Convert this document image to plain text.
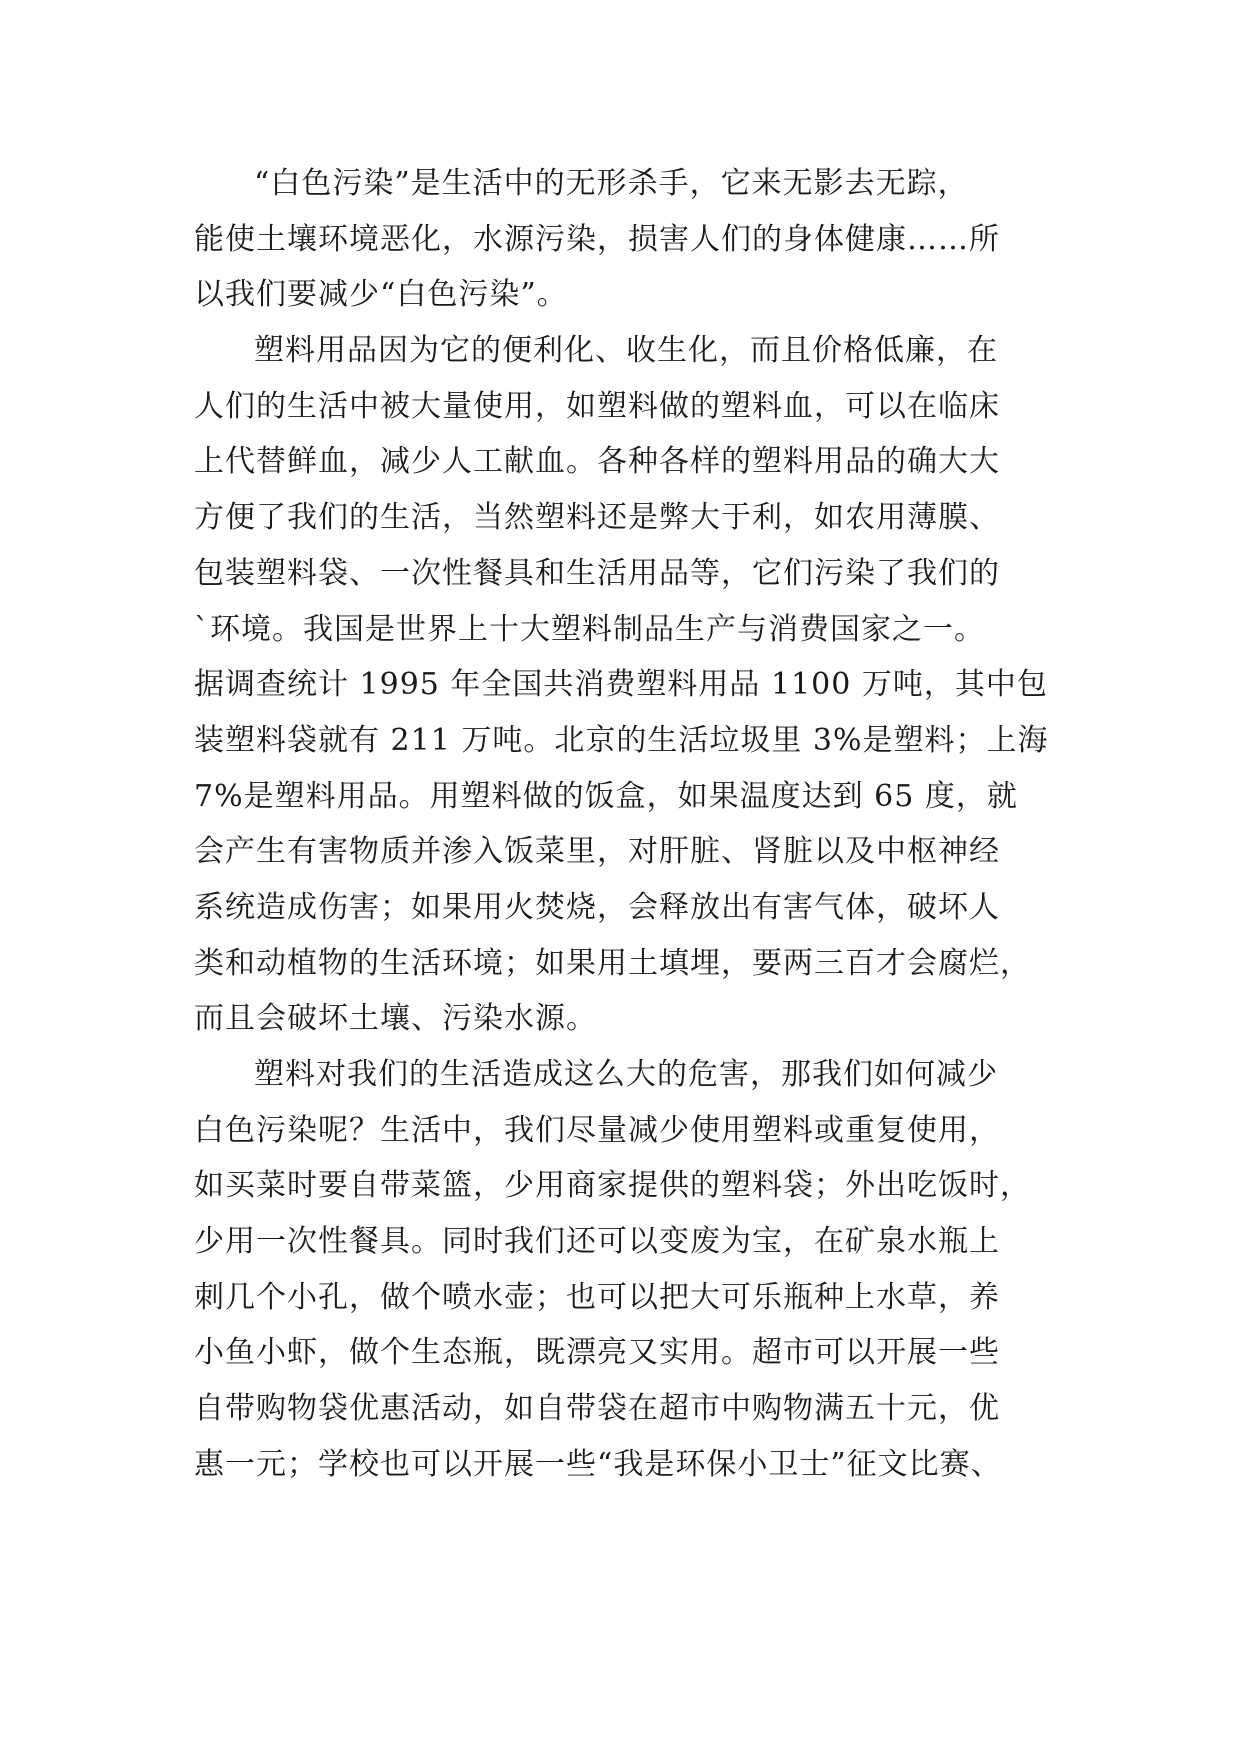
“白色污染”是生活中的无形杀手，它来无影去无踪，
能使土壤环境恶化，水源污染，损害人们的身体健康……所
以我们要减少“白色污染”。
塑料用品因为它的便利化、收生化，而且价格低廉，在
人们的生活中被大量使用，如塑料做的塑料血，可以在临床
上代替鲜血，减少人工献血。各种各样的塑料用品的确大大
方便了我们的生活，当然塑料还是弊大于利，如农用薄膜、
包装塑料袋、一次性餐具和生活用品等，它们污染了我们的
`环境。我国是世界上十大塑料制品生产与消费国家之一。
据调查统计 1995 年全国共消费塑料用品 1100 万吨，其中包
装塑料袋就有 211 万吨。北京的生活垃圾里 3%是塑料；上海
7%是塑料用品。用塑料做的饭盒，如果温度达到 65 度，就
会产生有害物质并渗入饭菜里，对肝脏、肾脏以及中枢神经
系统造成伤害；如果用火焚烧，会释放出有害气体，破坏人
类和动植物的生活环境；如果用土填埋，要两三百才会腐烂，
而且会破坏土壤、污染水源。
塑料对我们的生活造成这么大的危害，那我们如何减少
白色污染呢？生活中，我们尽量减少使用塑料或重复使用，
如买菜时要自带菜篮，少用商家提供的塑料袋；外出吃饭时，
少用一次性餐具。同时我们还可以变废为宝，在矿泉水瓶上
刺几个小孔，做个喷水壶；也可以把大可乐瓶种上水草，养
小鱼小虾，做个生态瓶，既漂亮又实用。超市可以开展一些
自带购物袋优惠活动，如自带袋在超市中购物满五十元，优
惠一元；学校也可以开展一些“我是环保小卫士”征文比赛、
